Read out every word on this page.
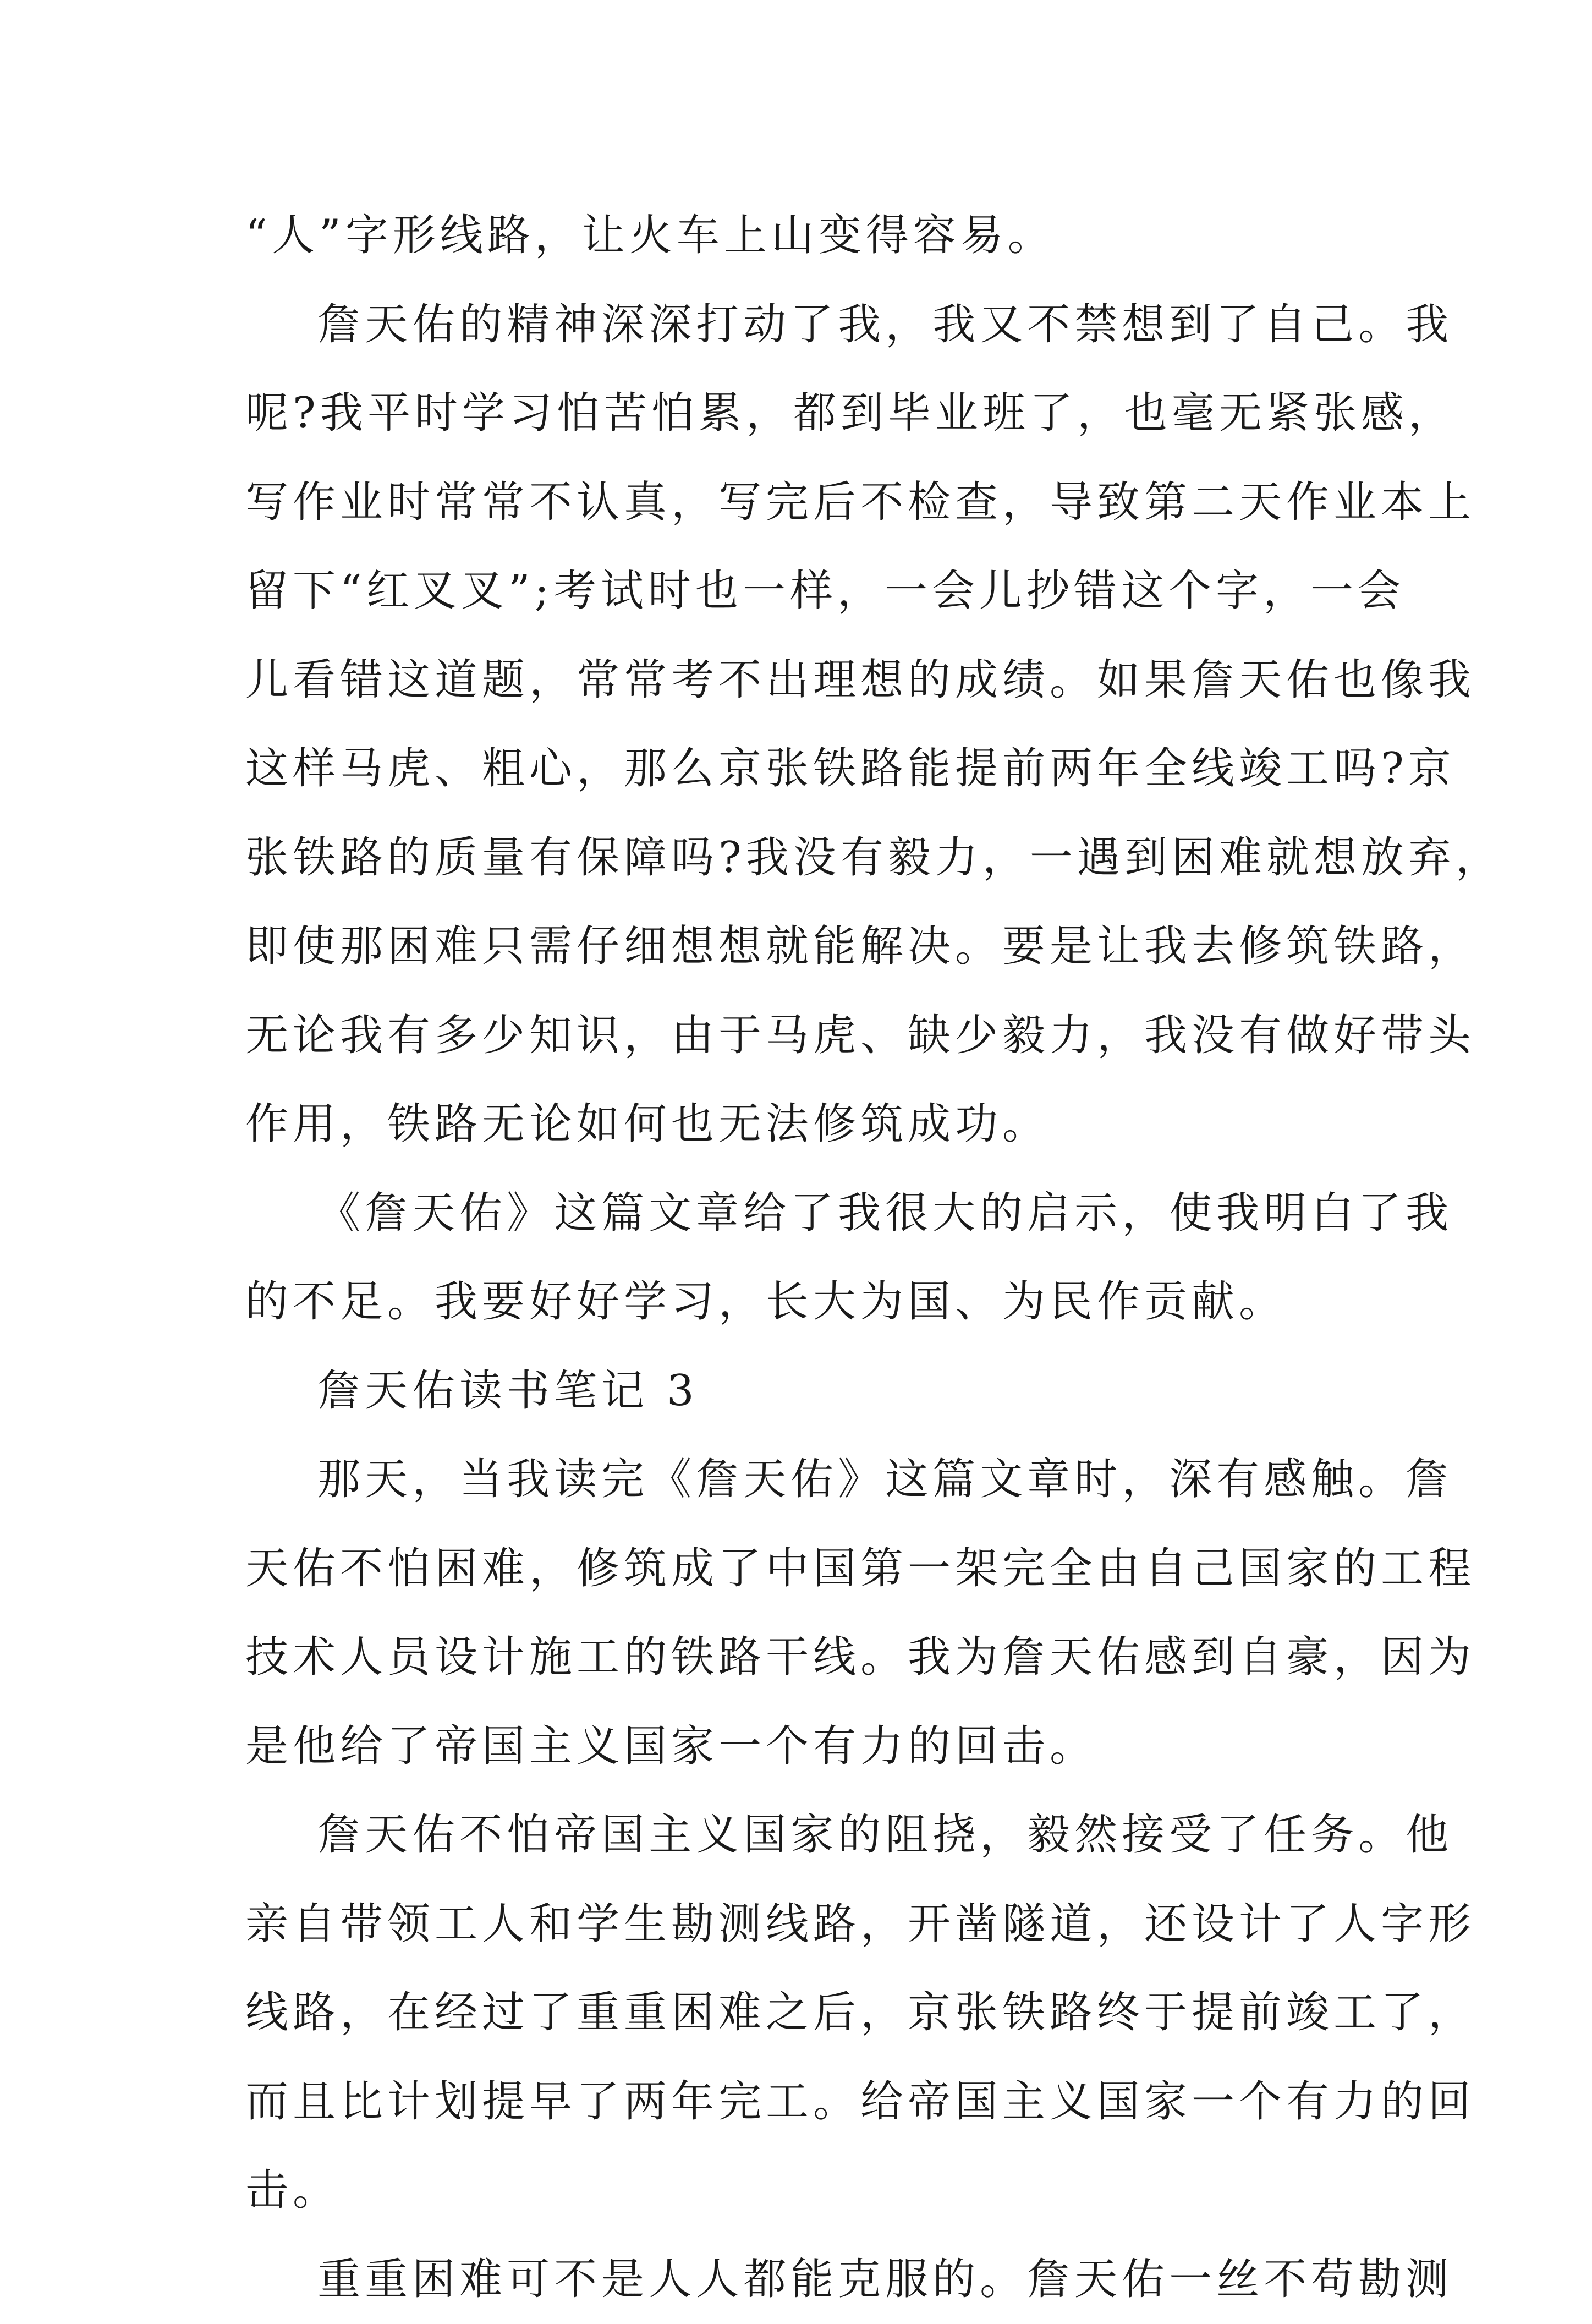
“人”字形线路，让火车上山变得容易。
詹天佑的精神深深打动了我，我又不禁想到了自己。我
呢?我平时学习怕苦怕累，都到毕业班了，也毫无紧张感，
写作业时常常不认真，写完后不检查，导致第二天作业本上
留下“红叉叉”;考试时也一样，一会儿抄错这个字，一会
儿看错这道题，常常考不出理想的成绩。如果詹天佑也像我
这样马虎、粗心，那么京张铁路能提前两年全线竣工吗?京
张铁路的质量有保障吗?我没有毅力，一遇到困难就想放弃，
即使那困难只需仔细想想就能解决。要是让我去修筑铁路，
无论我有多少知识，由于马虎、缺少毅力，我没有做好带头
作用，铁路无论如何也无法修筑成功。
《詹天佑》这篇文章给了我很大的启示，使我明白了我
的不足。我要好好学习，长大为国、为民作贡献。
詹天佑读书笔记 3
那天，当我读完《詹天佑》这篇文章时，深有感触。詹
天佑不怕困难，修筑成了中国第一架完全由自己国家的工程
技术人员设计施工的铁路干线。我为詹天佑感到自豪，因为
是他给了帝国主义国家一个有力的回击。
詹天佑不怕帝国主义国家的阻挠，毅然接受了任务。他
亲自带领工人和学生勘测线路，开凿隧道，还设计了人字形
线路，在经过了重重困难之后，京张铁路终于提前竣工了，
而且比计划提早了两年完工。给帝国主义国家一个有力的回
击。
重重困难可不是人人都能克服的。詹天佑一丝不苟勘测
